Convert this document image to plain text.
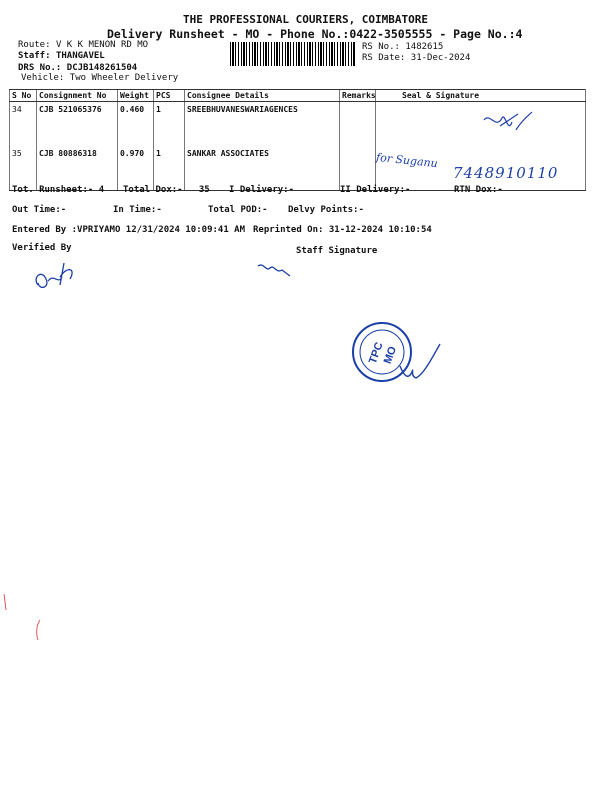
THE PROFESSIONAL COURIERS, COIMBATORE
Delivery Runsheet - MO - Phone No.:0422-3505555 - Page No.:4
Route: V K K MENON RD MO
Staff: THANGAVEL
DRS No.: DCJB148261504
Vehicle: Two Wheeler Delivery
RS No.: 1482615
RS Date: 31-Dec-2024
S No	Consignment No	Weight	PCS	Consignee Details	Remarks	Seal & Signature
34	CJB 521065376	0.460	1	SREEBHUVANESWARIAGENCES		
35	CJB 80886318	0.970	1	SANKAR ASSOCIATES			for Suganu
7448910110
Tot. Runsheet:- 4 Total Dox:-   35 I Delivery:-	II Delivery:-	RTN Dox:-
Out Time:-	In Time:-	Total POD:- Delvy Points:-
Entered By :VPRIYAMO 12/31/2024 10:09:41 AM Reprinted On: 31-12-2024 10:10:54
Verified By	Staff Signature
TPC
MO
